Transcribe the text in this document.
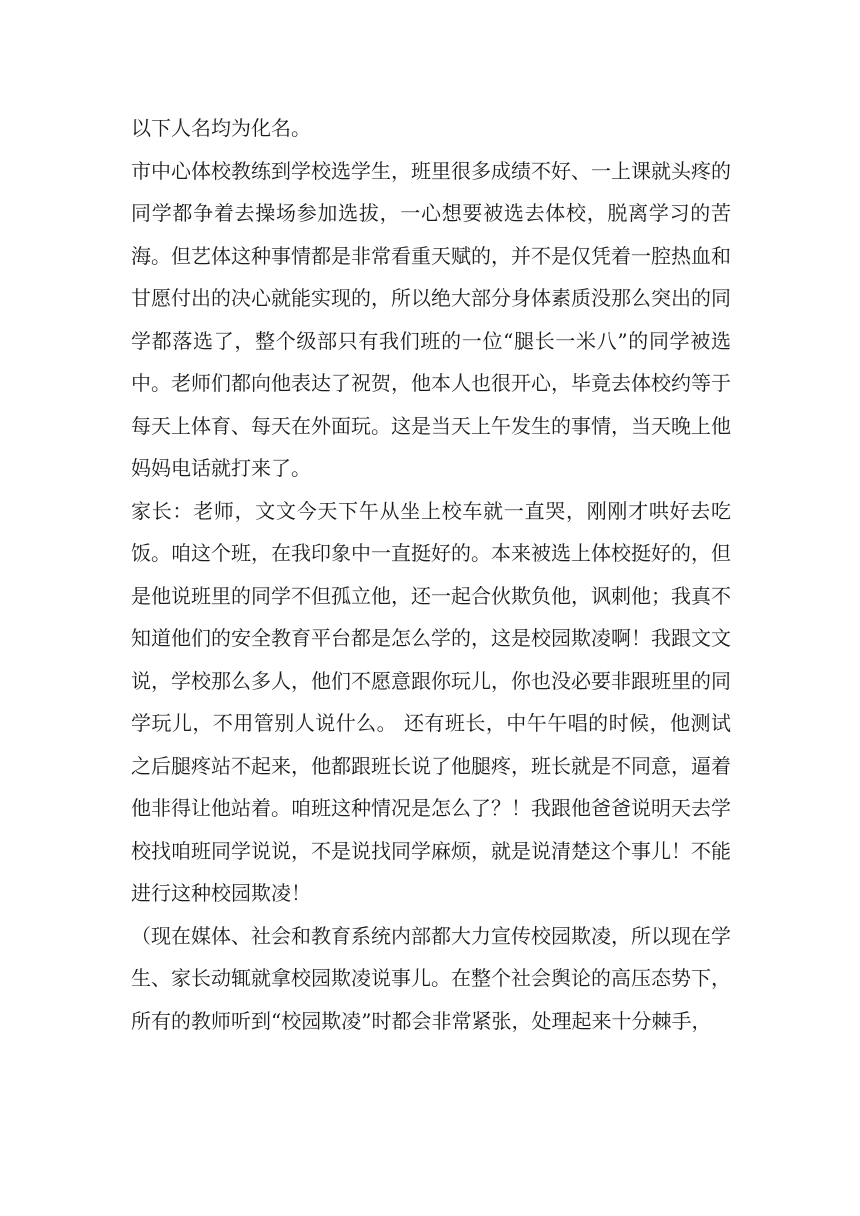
以下人名均为化名。

市中心体校教练到学校选学生，班里很多成绩不好、一上课就头疼的同学都争着去操场参加选拔，一心想要被选去体校，脱离学习的苦海。但艺体这种事情都是非常看重天赋的，并不是仅凭着一腔热血和甘愿付出的决心就能实现的，所以绝大部分身体素质没那么突出的同学都落选了，整个级部只有我们班的一位“腿长一米八”的同学被选中。老师们都向他表达了祝贺，他本人也很开心，毕竟去体校约等于每天上体育、每天在外面玩。这是当天上午发生的事情，当天晚上他妈妈电话就打来了。

家长：老师，文文今天下午从坐上校车就一直哭，刚刚才哄好去吃饭。咱这个班，在我印象中一直挺好的。本来被选上体校挺好的，但是他说班里的同学不但孤立他，还一起合伙欺负他，讽刺他；我真不知道他们的安全教育平台都是怎么学的，这是校园欺凌啊！我跟文文说，学校那么多人，他们不愿意跟你玩儿，你也没必要非跟班里的同学玩儿，不用管别人说什么。 还有班长，中午午唱的时候，他测试之后腿疼站不起来，他都跟班长说了他腿疼，班长就是不同意，逼着他非得让他站着。咱班这种情况是怎么了？！我跟他爸爸说明天去学校找咱班同学说说，不是说找同学麻烦，就是说清楚这个事儿！不能进行这种校园欺凌！

（现在媒体、社会和教育系统内部都大力宣传校园欺凌，所以现在学生、家长动辄就拿校园欺凌说事儿。在整个社会舆论的高压态势下，所有的教师听到“校园欺凌”时都会非常紧张，处理起来十分棘手，
